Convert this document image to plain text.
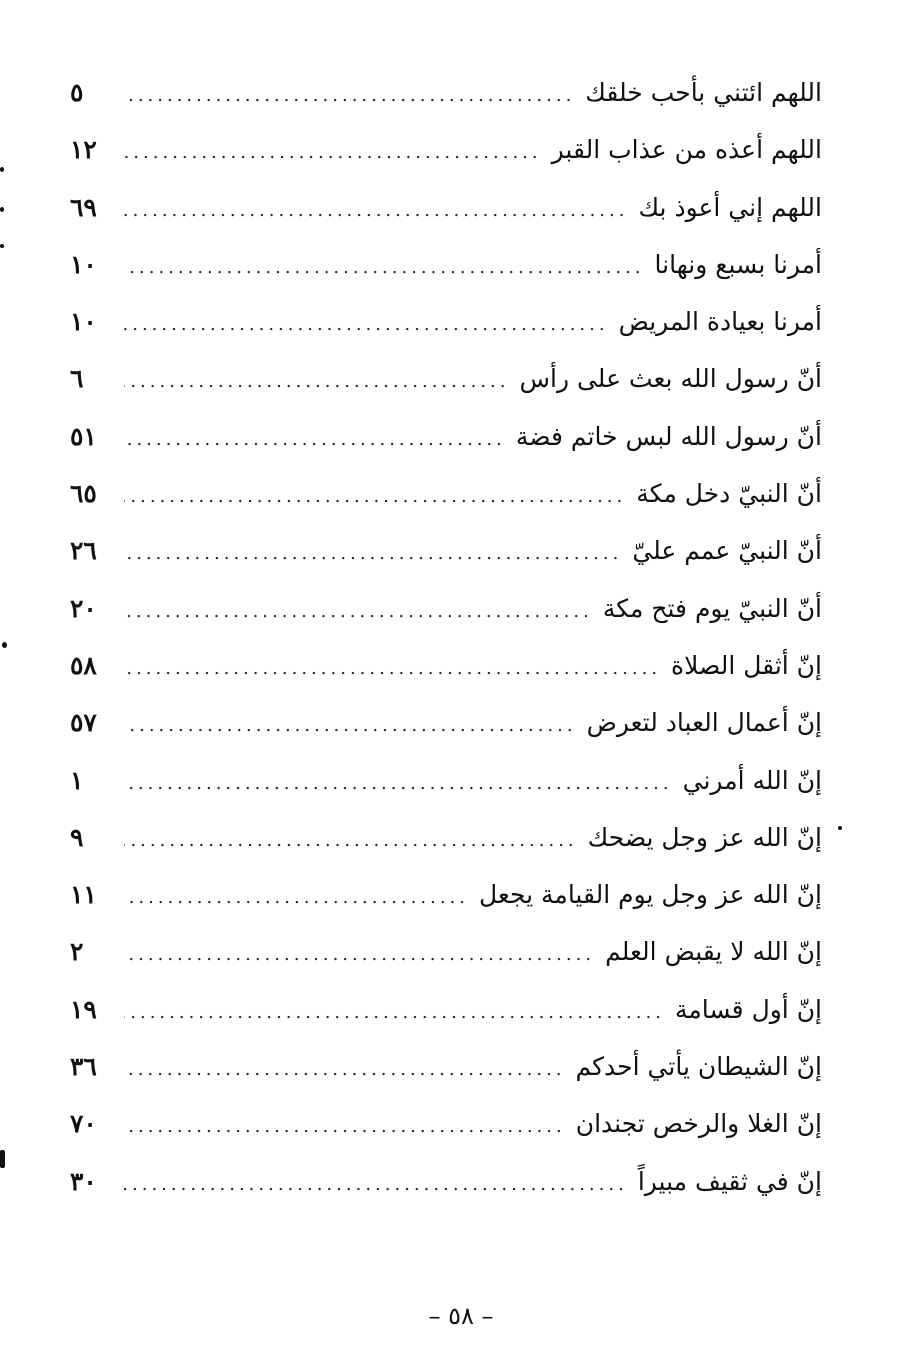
اللهم ائتني بأحب خلقك
.....
٥
اللهم أعذه من عذاب القبر
.....
١٢
اللهم إني أعوذ بك
.....
٦٩
أمرنا بسبع ونهانا
.....
١٠
أمرنا بعيادة المريض
.....
١٠
أنّ رسول الله بعث على رأس
.....
٦
أنّ رسول الله لبس خاتم فضة
.....
٥١
أنّ النبيّ دخل مكة
.....
٦٥
أنّ النبيّ عمم عليّ
.....
٢٦
أنّ النبيّ يوم فتح مكة
.....
٢٠
إنّ أثقل الصلاة
.....
٥٨
إنّ أعمال العباد لتعرض
.....
٥٧
إنّ الله أمرني
.....
١
إنّ الله عز وجل يضحك
.....
٩
إنّ الله عز وجل يوم القيامة يجعل
.....
١١
إنّ الله لا يقبض العلم
.....
٢
إنّ أول قسامة
.....
١٩
إنّ الشيطان يأتي أحدكم
.....
٣٦
إنّ الغلا والرخص تجندان
.....
٧٠
إنّ في ثقيف مبيراً
.....
٣٠
– ٥٨ –
